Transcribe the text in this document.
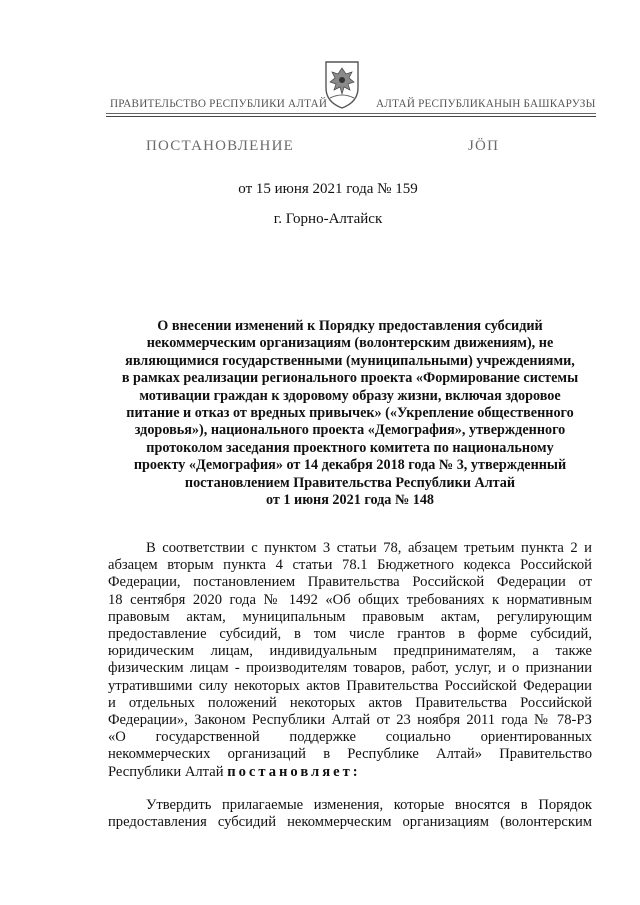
ПРАВИТЕЛЬСТВО РЕСПУБЛИКИ АЛТАЙ	АЛТАЙ РЕСПУБЛИКАНЫН БАШКАРУЗЫ
ПОСТАНОВЛЕНИЕ	ЈÖП
от 15 июня 2021 года № 159
г. Горно-Алтайск
О внесении изменений к Порядку предоставления субсидий
некоммерческим организациям (волонтерским движениям), не
являющимися государственными (муниципальными) учреждениями,
в рамках реализации регионального проекта «Формирование системы
мотивации граждан к здоровому образу жизни, включая здоровое
питание и отказ от вредных привычек» («Укрепление общественного
здоровья»), национального проекта «Демография», утвержденного
протоколом заседания проектного комитета по национальному
проекту «Демография» от 14 декабря 2018 года № 3, утвержденный
постановлением Правительства Республики Алтай
от 1 июня 2021 года № 148
В соответствии с пунктом 3 статьи 78, абзацем третьим пункта 2 и
абзацем вторым пункта 4 статьи 78.1 Бюджетного кодекса Российской
Федерации, постановлением Правительства Российской Федерации от
18 сентября 2020 года № 1492 «Об общих требованиях к нормативным
правовым актам, муниципальным правовым актам, регулирующим
предоставление субсидий, в том числе грантов в форме субсидий,
юридическим лицам, индивидуальным предпринимателям, а также
физическим лицам - производителям товаров, работ, услуг, и о признании
утратившими силу некоторых актов Правительства Российской Федерации
и отдельных положений некоторых актов Правительства Российской
Федерации», Законом Республики Алтай от 23 ноября 2011 года № 78-РЗ
«О государственной поддержке социально ориентированных
некоммерческих организаций в Республике Алтай» Правительство
Республики Алтай постановляет:
Утвердить прилагаемые изменения, которые вносятся в Порядок
предоставления субсидий некоммерческим организациям (волонтерским
